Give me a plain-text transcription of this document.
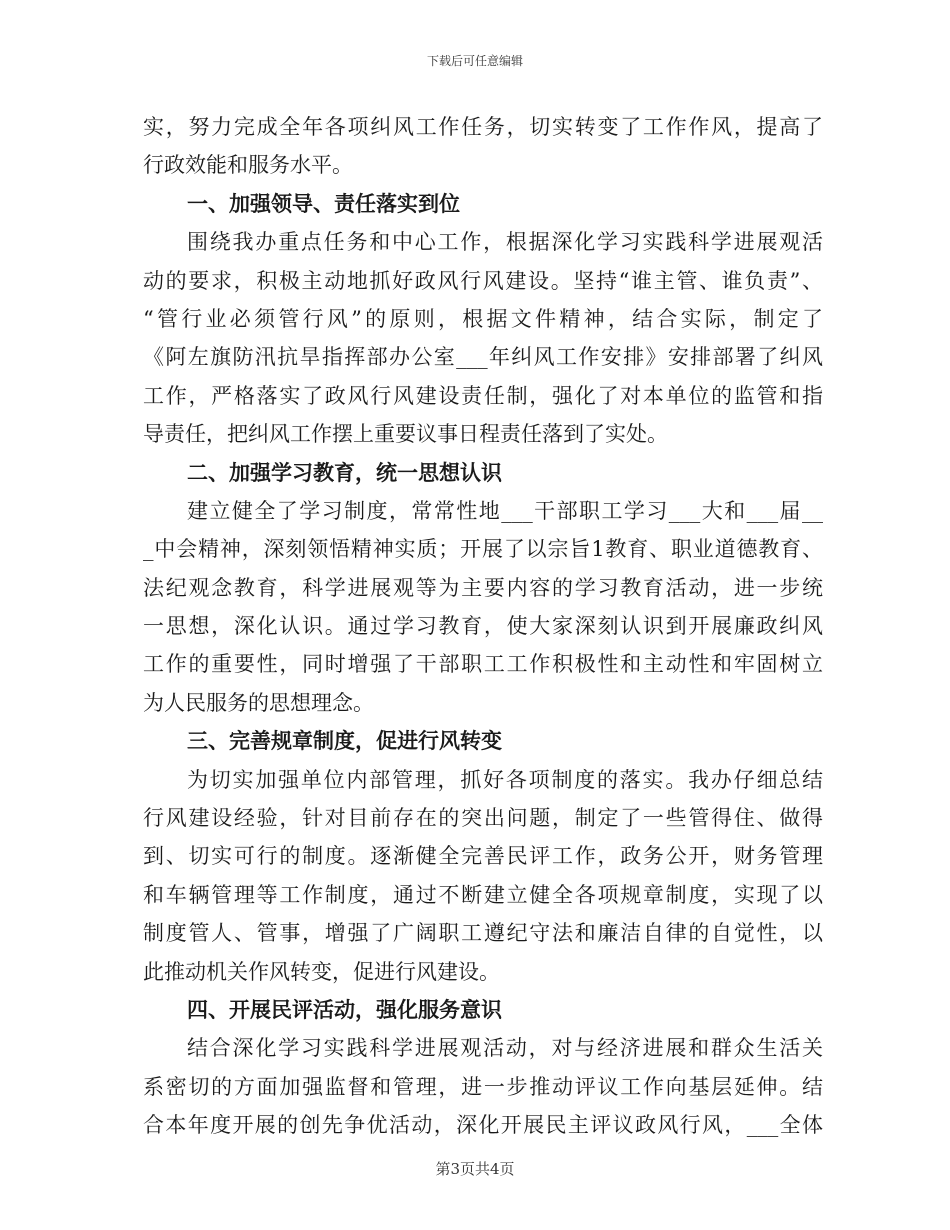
下载后可任意编辑
实，努力完成全年各项纠风工作任务，切实转变了工作作风，提高了
行政效能和服务水平。
一、加强领导、责任落实到位
围绕我办重点任务和中心工作，根据深化学习实践科学进展观活
动的要求，积极主动地抓好政风行风建设。坚持“谁主管、谁负责”、
“管行业必须管行风”的原则，根据文件精神，结合实际，制定了
《阿左旗防汛抗旱指挥部办公室___年纠风工作安排》安排部署了纠风
工作，严格落实了政风行风建设责任制，强化了对本单位的监管和指
导责任，把纠风工作摆上重要议事日程责任落到了实处。
二、加强学习教育，统一思想认识
建立健全了学习制度，常常性地___干部职工学习___大和___届__
_中会精神，深刻领悟精神实质；开展了以宗旨1教育、职业道德教育、
法纪观念教育，科学进展观等为主要内容的学习教育活动，进一步统
一思想，深化认识。通过学习教育，使大家深刻认识到开展廉政纠风
工作的重要性，同时增强了干部职工工作积极性和主动性和牢固树立
为人民服务的思想理念。
三、完善规章制度，促进行风转变
为切实加强单位内部管理，抓好各项制度的落实。我办仔细总结
行风建设经验，针对目前存在的突出问题，制定了一些管得住、做得
到、切实可行的制度。逐渐健全完善民评工作，政务公开，财务管理
和车辆管理等工作制度，通过不断建立健全各项规章制度，实现了以
制度管人、管事，增强了广阔职工遵纪守法和廉洁自律的自觉性，以
此推动机关作风转变，促进行风建设。
四、开展民评活动，强化服务意识
结合深化学习实践科学进展观活动，对与经济进展和群众生活关
系密切的方面加强监督和管理，进一步推动评议工作向基层延伸。结
合本年度开展的创先争优活动，深化开展民主评议政风行风，___全体
第3页共4页
